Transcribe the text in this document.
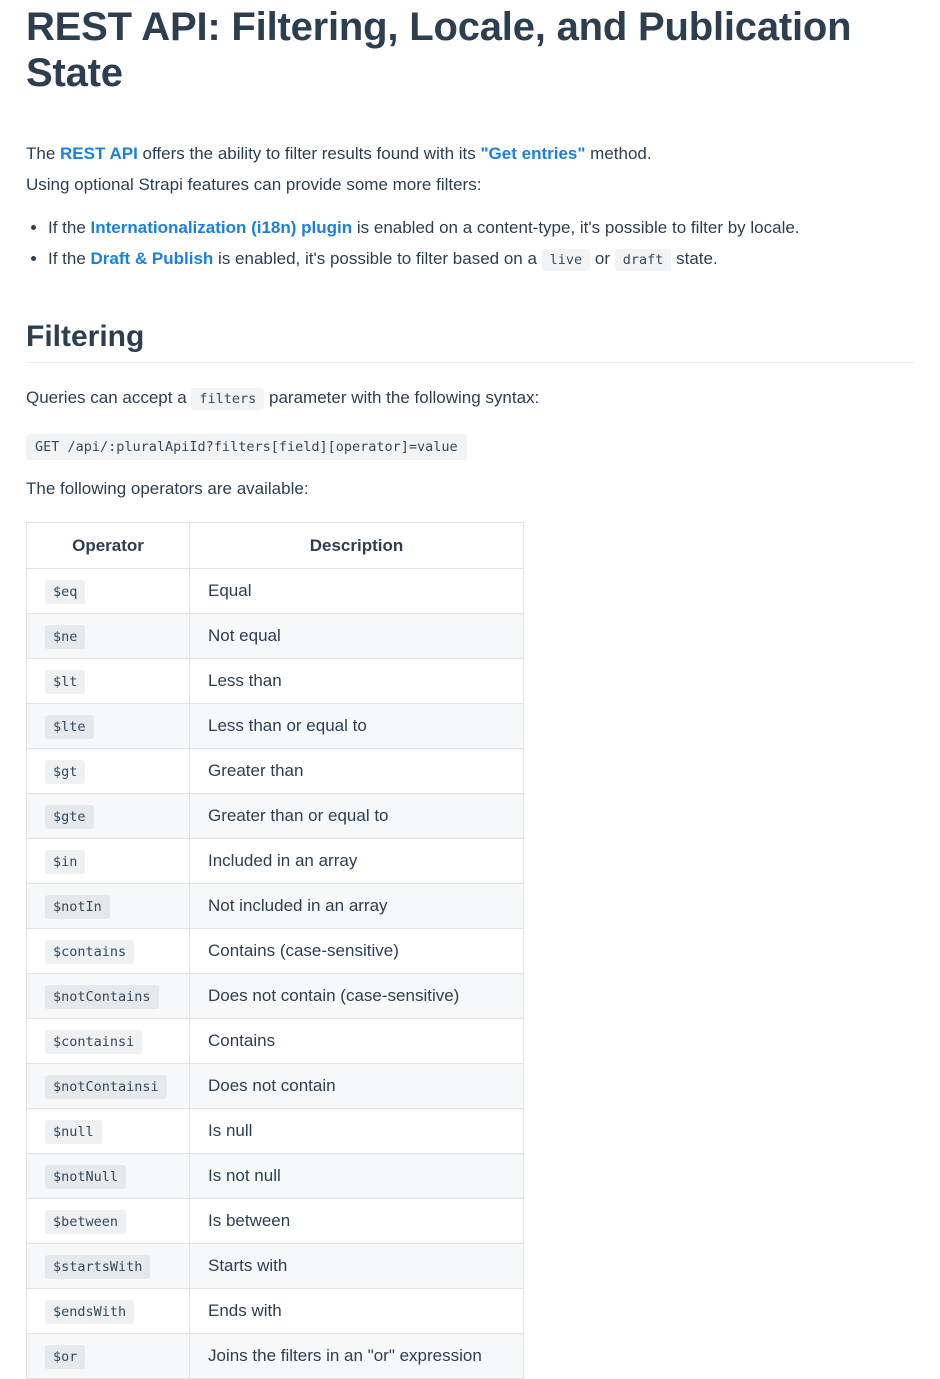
REST API: Filtering, Locale, and Publication State
The REST API offers the ability to filter results found with its "Get entries" method.
Using optional Strapi features can provide some more filters:
• If the Internationalization (i18n) plugin is enabled on a content-type, it's possible to filter by locale.
• If the Draft & Publish is enabled, it's possible to filter based on a live or draft state.
Filtering

Queries can accept a filters parameter with the following syntax:

GET /api/:pluralApiId?filters[field][operator]=value

The following operators are available:

Operator	Description
$eq	Equal
$ne	Not equal
$lt	Less than
$lte	Less than or equal to
$gt	Greater than
$gte	Greater than or equal to
$in	Included in an array
$notIn	Not included in an array
$contains	Contains (case-sensitive)
$notContains	Does not contain (case-sensitive)
$containsi	Contains
$notContainsi	Does not contain
$null	Is null
$notNull	Is not null
$between	Is between
$startsWith	Starts with
$endsWith	Ends with
$or	Joins the filters in an "or" expression
